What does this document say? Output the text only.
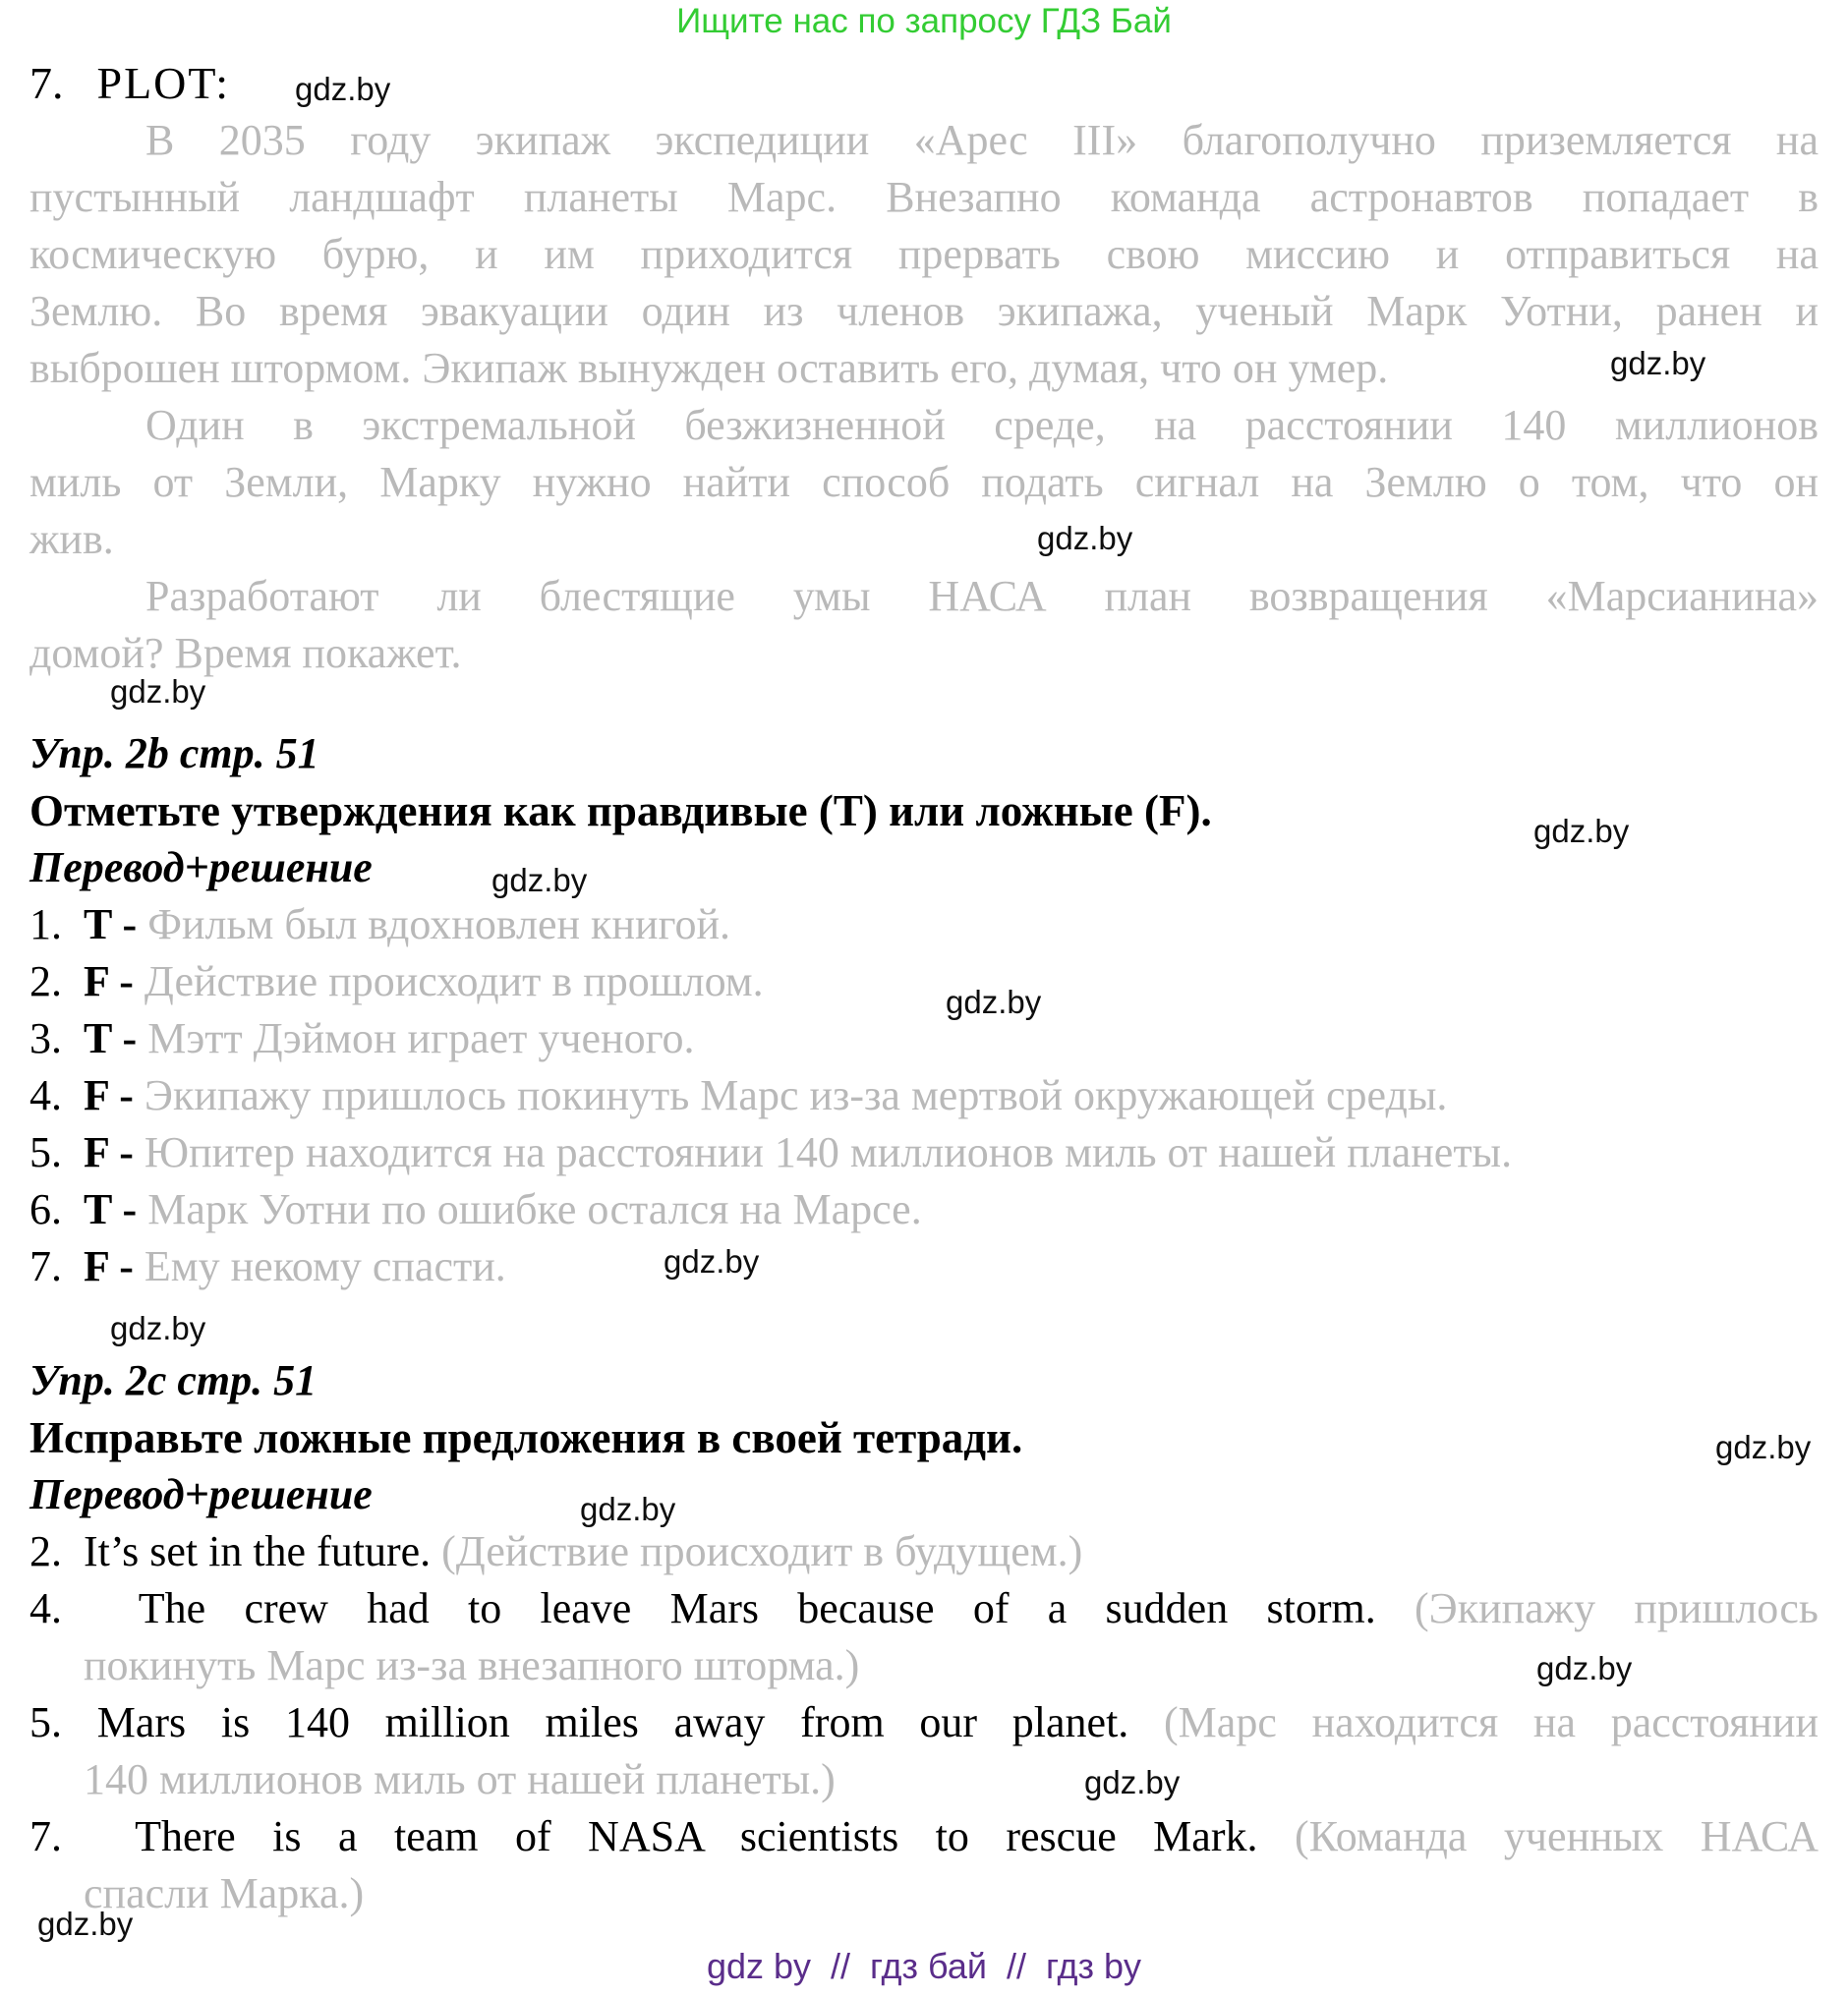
Ищите нас по запросу ГДЗ Бай
7. PLOT:
В 2035 году экипаж экспедиции «Арес III» благополучно приземляется на
пустынный ландшафт планеты Марс. Внезапно команда астронавтов попадает в
космическую бурю, и им приходится прервать свою миссию и отправиться на
Землю. Во время эвакуации один из членов экипажа, ученый Марк Уотни, ранен и
выброшен штормом. Экипаж вынужден оставить его, думая, что он умер.
Один в экстремальной безжизненной среде, на расстоянии 140 миллионов
миль от Земли, Марку нужно найти способ подать сигнал на Землю о том, что он
жив.
Разработают ли блестящие умы НАСА план возвращения «Марсианина»
домой? Время покажет.
Упр. 2b стр. 51
Отметьте утверждения как правдивые (T) или ложные (F).
Перевод+решение
1.  T - Фильм был вдохновлен книгой.
2.  F - Действие происходит в прошлом.
3.  T - Мэтт Дэймон играет ученого.
4.  F - Экипажу пришлось покинуть Марс из-за мертвой окружающей среды.
5.  F - Юпитер находится на расстоянии 140 миллионов миль от нашей планеты.
6.  T - Марк Уотни по ошибке остался на Марсе.
7.  F - Ему некому спасти.
Упр. 2c стр. 51
Исправьте ложные предложения в своей тетради.
Перевод+решение
2.  It’s set in the future. (Действие происходит в будущем.)
4.  The crew had to leave Mars because of a sudden storm. (Экипажу пришлось
покинуть Марс из-за внезапного шторма.)
5. Mars is 140 million miles away from our planet. (Марс находится на расстоянии
140 миллионов миль от нашей планеты.)
7.  There is a team of NASA scientists to rescue Mark. (Команда ученных НАСА
спасли Марка.)
gdz by  //  гдз бай  //  гдз by
gdz.by
gdz.by
gdz.by
gdz.by
gdz.by
gdz.by
gdz.by
gdz.by
gdz.by
gdz.by
gdz.by
gdz.by
gdz.by
gdz.by
